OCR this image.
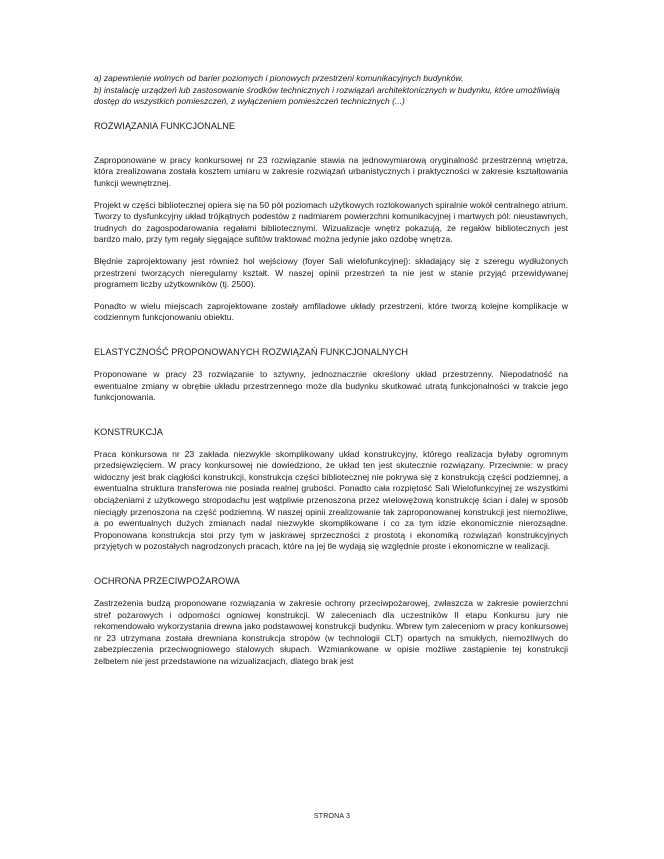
a) zapewnienie wolnych od barier poziomych i pionowych przestrzeni komunikacyjnych budynków,

b) instalację urządzeń lub zastosowanie środków technicznych i rozwiązań architektonicznych w budynku, które umożliwiają dostęp do wszystkich pomieszczeń, z wyłączeniem pomieszczeń technicznych (...)

ROZWIĄZANIA FUNKCJONALNE

Zaproponowane w pracy konkursowej nr 23 rozwiązanie stawia na jednowymiarową oryginalność przestrzenną wnętrza, która zrealizowana została kosztem umiaru w zakresie rozwiązań urbanistycznych i praktyczności w zakresie kształtowania funkcji wewnętrznej.

Projekt w części bibliotecznej opiera się na 50 pół poziomach użytkowych rozlokowanych spiralnie wokół centralnego atrium. Tworzy to dysfunkcyjny układ trójkątnych podestów z nadmiarem powierzchni komunikacyjnej i martwych pól: nieustawnych, trudnych do zagospodarowania regałami bibliotecznymi. Wizualizacje wnętrz pokazują, że regałów bibliotecznych jest bardzo mało, przy tym regały sięgające sufitów traktować można jedynie jako ozdobę wnętrza.

Błędnie zaprojektowany jest również hol wejściowy (foyer Sali wielofunkcyjnej): składający się z szeregu wydłużonych przestrzeni tworzących nieregularny kształt. W naszej opinii przestrzeń ta nie jest w stanie przyjąć przewidywanej programem liczby użytkowników (tj. 2500).

Ponadto w wielu miejscach zaprojektowane zostały amfiladowe układy przestrzeni, które tworzą kolejne komplikacje w codziennym funkcjonowaniu obiektu.

ELASTYCZNOŚĆ PROPONOWANYCH ROZWIĄZAŃ FUNKCJONALNYCH

Proponowane w pracy 23 rozwiązanie to sztywny, jednoznacznie określony układ przestrzenny. Niepodatność na ewentualne zmiany w obrębie układu przestrzennego może dla budynku skutkować utratą funkcjonalności w trakcie jego funkcjonowania.

KONSTRUKCJA

Praca konkursowa nr 23 zakłada niezwykle skomplikowany układ konstrukcyjny, którego realizacja byłaby ogromnym przedsięwzięciem. W pracy konkursowej nie dowiedziono, że układ ten jest skutecznie rozwiązany. Przeciwnie: w pracy widoczny jest brak ciągłości konstrukcji, konstrukcja części bibliotecznej nie pokrywa się z konstrukcją części podziemnej, a ewentualna struktura transferowa nie posiada realnej grubości. Ponadto cała rozpiętość Sali Wielofunkcyjnej ze wszystkimi obciążeniami z użytkowego stropodachu jest wątpliwie przenoszona przez wielowężową konstrukcję ścian i dalej w sposób nieciągły przenoszona na część podziemną. W naszej opinii zrealizowanie tak zaproponowanej konstrukcji jest niemożliwe, a po ewentualnych dużych zmianach nadal niezwykle skomplikowane i co za tym idzie ekonomicznie nierozsądne. Proponowana konstrukcja stoi przy tym w jaskrawej sprzeczności z prostotą i ekonomiką rozwiązań konstrukcyjnych przyjętych w pozostałych nagrodzonych pracach, które na jej tle wydają się względnie proste i ekonomiczne w realizacji.

OCHRONA PRZECIWPOŻAROWA

Zastrzeżenia budzą proponowane rozwiązania w zakresie ochrony przeciwpożarowej, zwłaszcza w zakresie powierzchni stref pożarowych i odporności ogniowej konstrukcji. W zaleceniach dla uczestników II etapu Konkursu jury nie rekomendowało wykorzystania drewna jako podstawowej konstrukcji budynku. Wbrew tym zaleceniom w pracy konkursowej nr 23 utrzymana została drewniana konstrukcja stropów (w technologii CLT) opartych na smukłych, niemożliwych do zabezpieczenia przeciwogniowego stalowych słupach. Wzmiankowane w opisie możliwe zastąpienie tej konstrukcji żelbetem nie jest przedstawione na wizualizacjach, dlatego brak jest

STRONA 3
